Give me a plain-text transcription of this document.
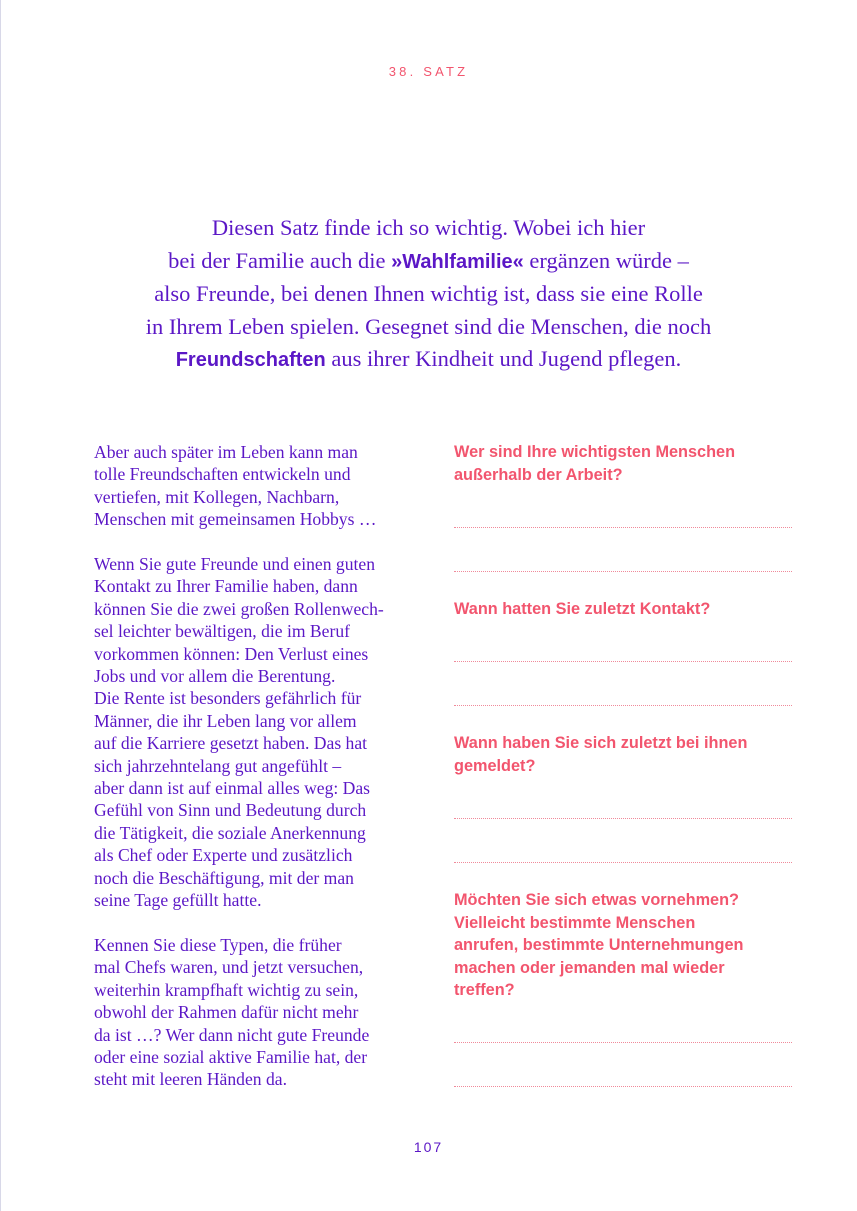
38. SATZ
Diesen Satz finde ich so wichtig. Wobei ich hier
bei der Familie auch die »Wahlfamilie« ergänzen würde –
also Freunde, bei denen Ihnen wichtig ist, dass sie eine Rolle
in Ihrem Leben spielen. Gesegnet sind die Menschen, die noch
Freundschaften aus ihrer Kindheit und Jugend pflegen.

Aber auch später im Leben kann man
tolle Freundschaften entwickeln und
vertiefen, mit Kollegen, Nachbarn,
Menschen mit gemeinsamen Hobbys …

Wenn Sie gute Freunde und einen guten
Kontakt zu Ihrer Familie haben, dann
können Sie die zwei großen Rollenwech-
sel leichter bewältigen, die im Beruf
vorkommen können: Den Verlust eines
Jobs und vor allem die Berentung.
Die Rente ist besonders gefährlich für
Männer, die ihr Leben lang vor allem
auf die Karriere gesetzt haben. Das hat
sich jahrzehntelang gut angefühlt –
aber dann ist auf einmal alles weg: Das
Gefühl von Sinn und Bedeutung durch
die Tätigkeit, die soziale Anerkennung
als Chef oder Experte und zusätzlich
noch die Beschäftigung, mit der man
seine Tage gefüllt hatte.

Kennen Sie diese Typen, die früher
mal Chefs waren, und jetzt versuchen,
weiterhin krampfhaft wichtig zu sein,
obwohl der Rahmen dafür nicht mehr
da ist …? Wer dann nicht gute Freunde
oder eine sozial aktive Familie hat, der
steht mit leeren Händen da.

Wer sind Ihre wichtigsten Menschen
außerhalb der Arbeit?
Wann hatten Sie zuletzt Kontakt?
Wann haben Sie sich zuletzt bei ihnen
gemeldet?
Möchten Sie sich etwas vornehmen?
Vielleicht bestimmte Menschen
anrufen, bestimmte Unternehmungen
machen oder jemanden mal wieder
treffen?
107
